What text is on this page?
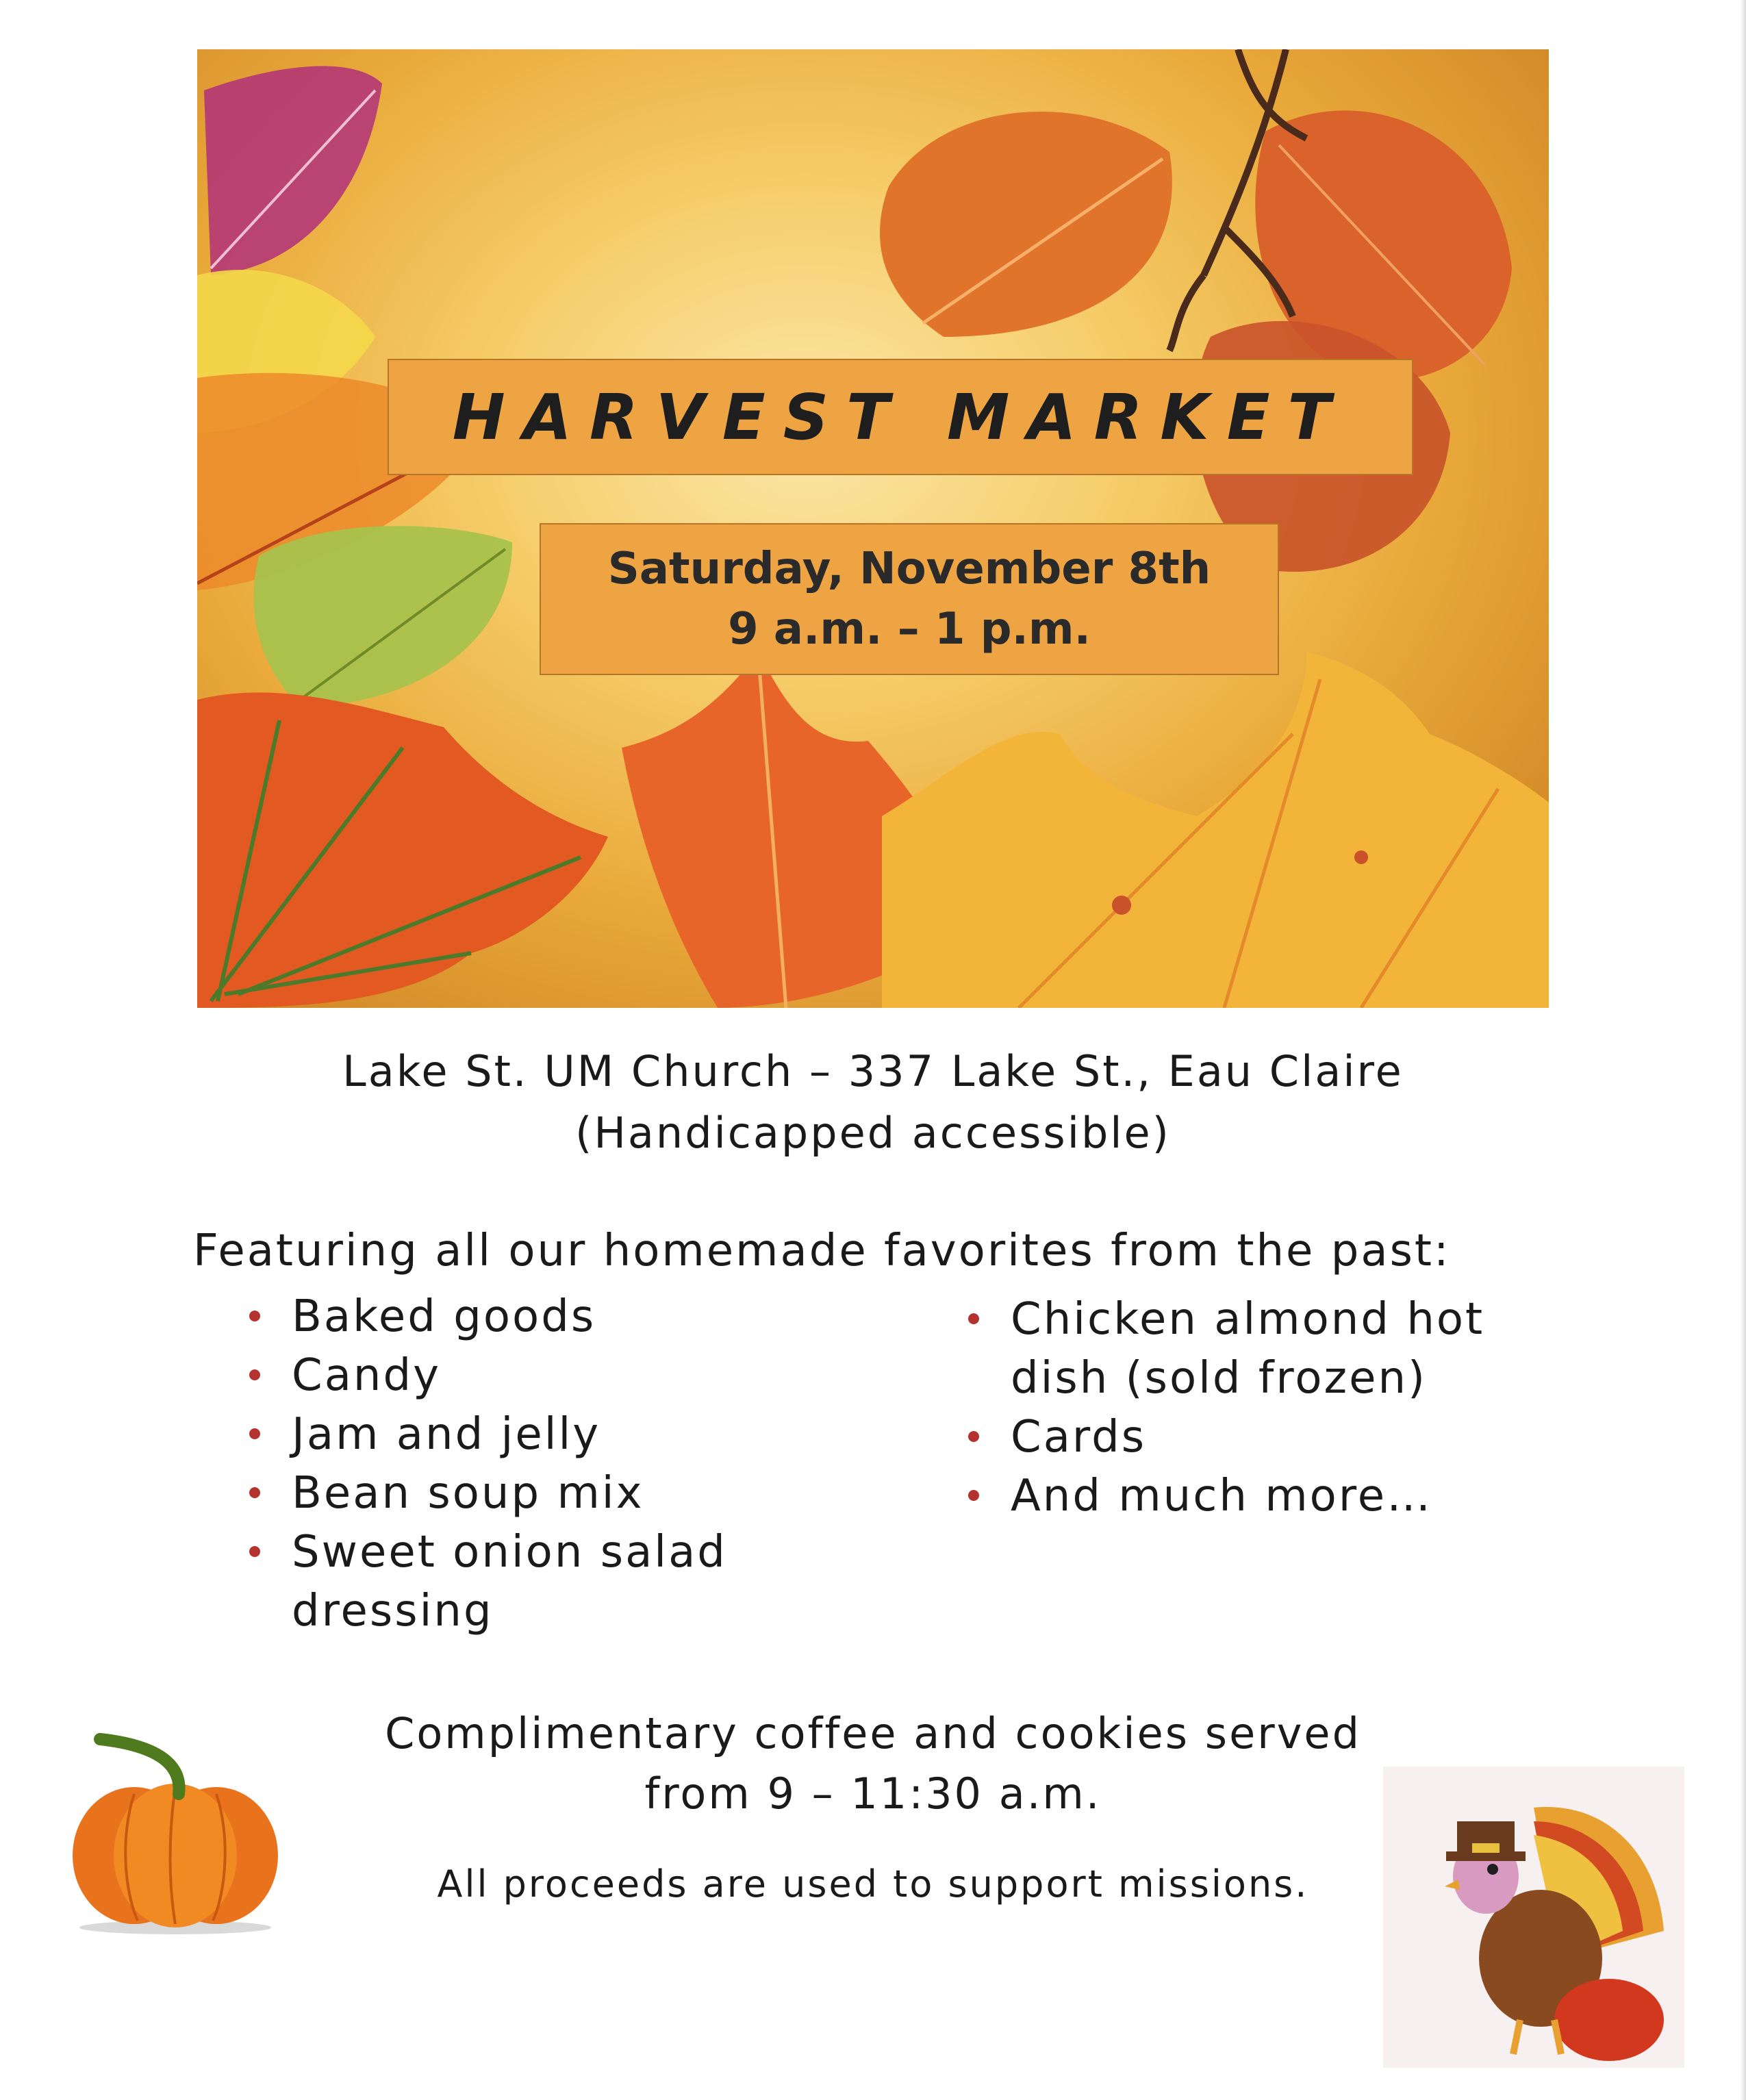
HARVEST MARKET
Saturday, November 8th
9 a.m. – 1 p.m.
Lake St. UM Church – 337 Lake St., Eau Claire
(Handicapped accessible)
Featuring all our homemade favorites from the past:
Baked goods
Candy
Jam and jelly
Bean soup mix
Sweet onion salad dressing
Chicken almond hot dish (sold frozen)
Cards
And much more…
Complimentary coffee and cookies served
from 9 – 11:30 a.m.
All proceeds are used to support missions.
